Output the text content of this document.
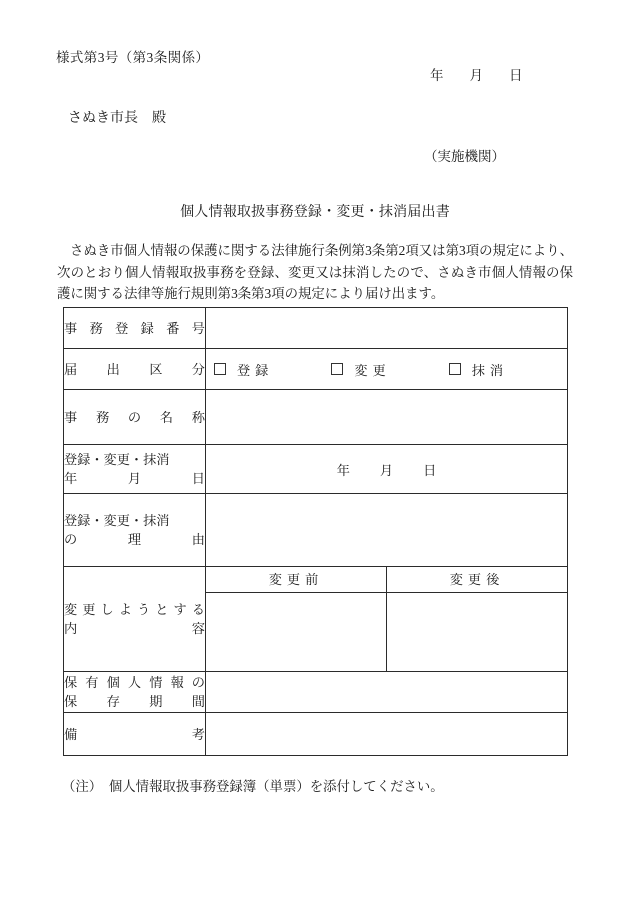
様式第3号（第3条関係）
年 月 日
さぬき市長　殿
（実施機関）
個人情報取扱事務登録・変更・抹消届出書
さぬき市個人情報の保護に関する法律施行条例第3条第2項又は第3項の規定により、次のとおり個人情報取扱事務を登録、変更又は抹消したので、さぬき市個人情報の保護に関する法律等施行規則第3条第3項の規定により届け出ます。
事務登録番号		

届出区分	登録 変更 抹消	

事務の名称		

登録・変更・抹消
年　　月　　日	年 月 日	

登録・変更・抹消
の　　理　　由		

変更しようとする
内　　　　　容	変更前	変更後

保有個人情報の
保存期間		

備考		

（注）　個人情報取扱事務登録簿（単票）を添付してください。
